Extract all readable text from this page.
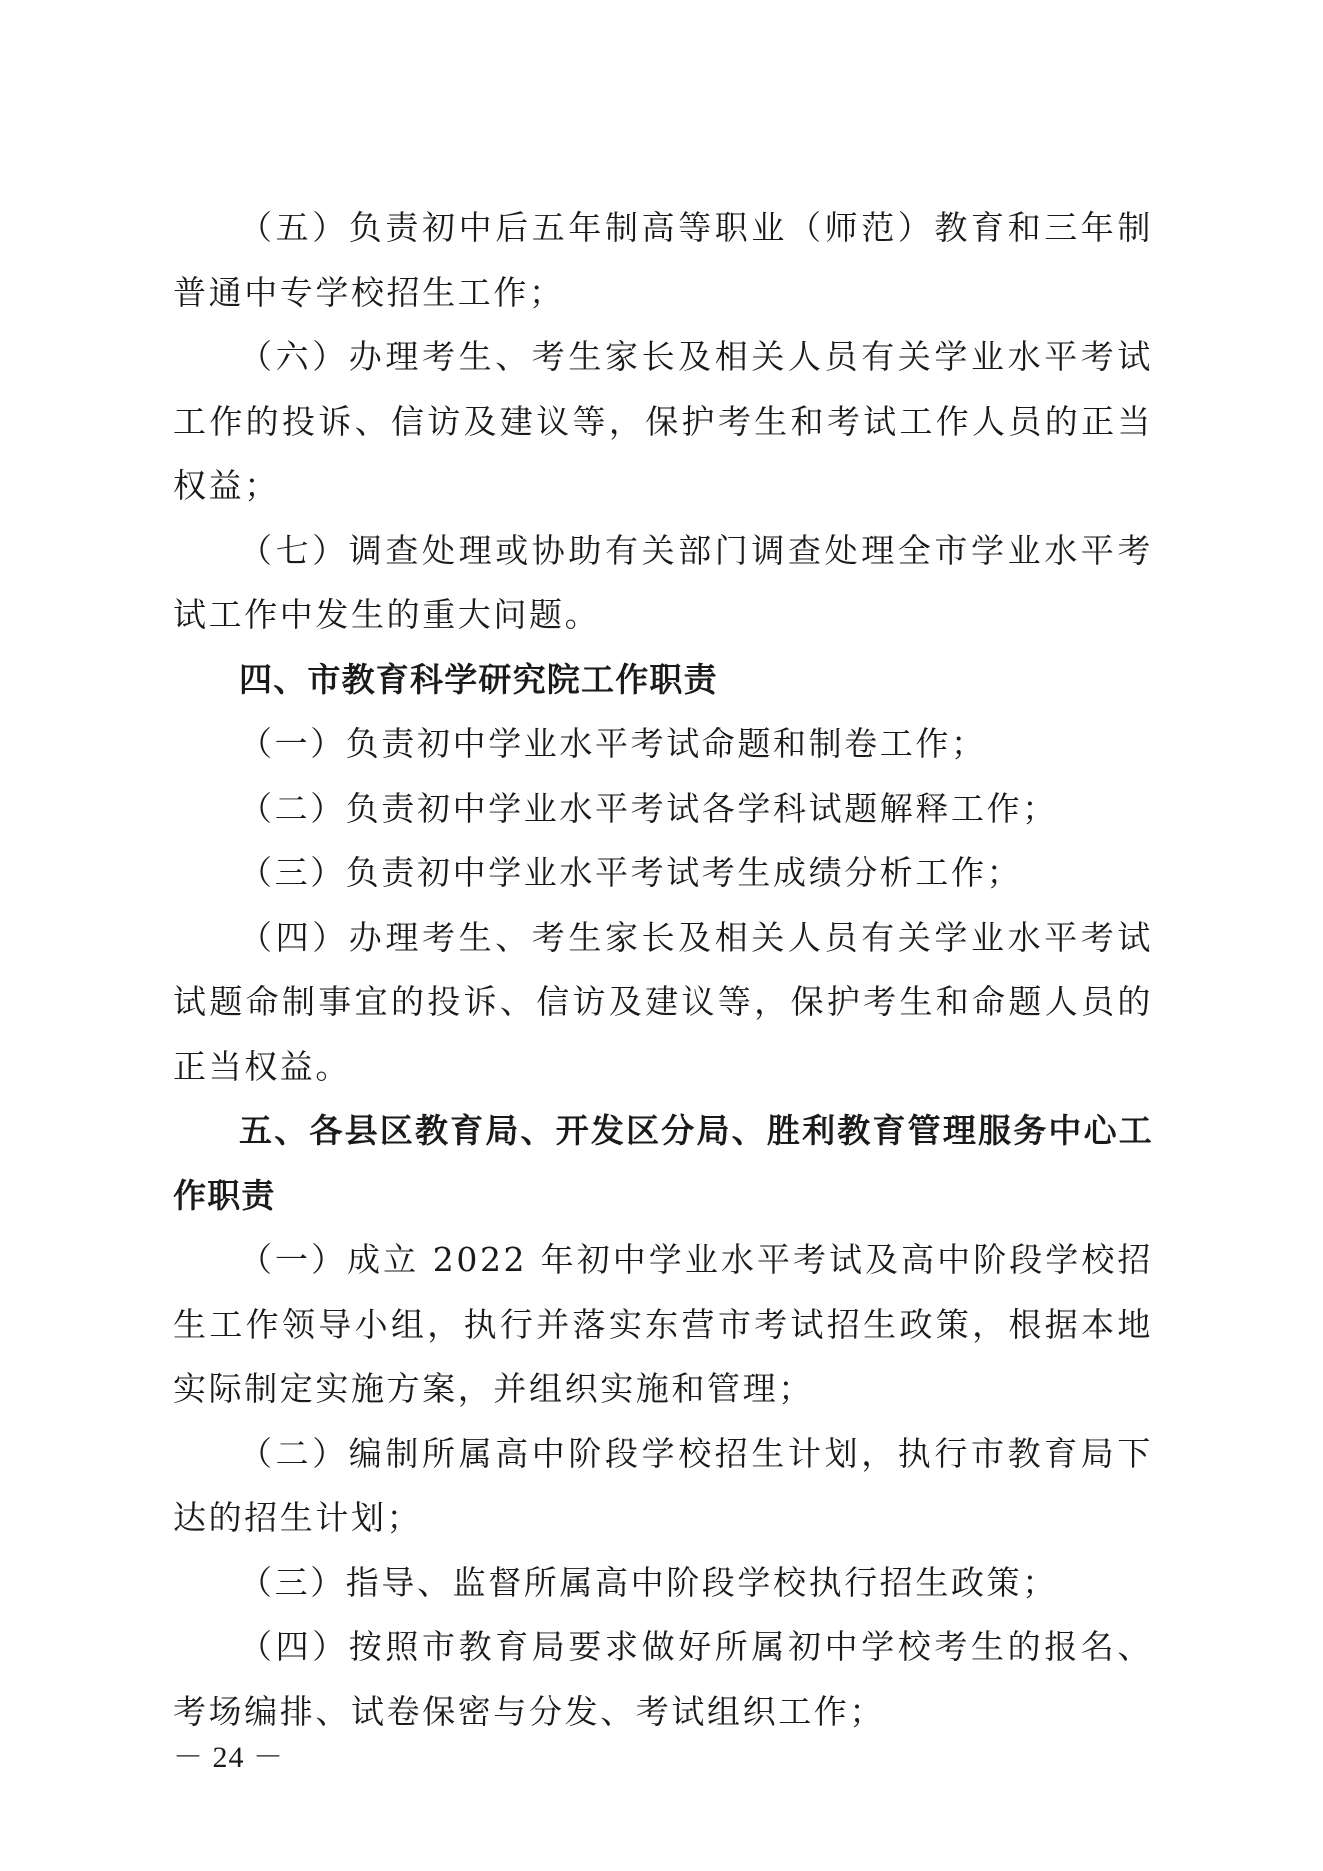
（五）负责初中后五年制高等职业（师范）教育和三年制普通中专学校招生工作；

（六）办理考生、考生家长及相关人员有关学业水平考试工作的投诉、信访及建议等，保护考生和考试工作人员的正当权益；

（七）调查处理或协助有关部门调查处理全市学业水平考试工作中发生的重大问题。

四、市教育科学研究院工作职责

（一）负责初中学业水平考试命题和制卷工作；

（二）负责初中学业水平考试各学科试题解释工作；

（三）负责初中学业水平考试考生成绩分析工作；

（四）办理考生、考生家长及相关人员有关学业水平考试试题命制事宜的投诉、信访及建议等，保护考生和命题人员的正当权益。

五、各县区教育局、开发区分局、胜利教育管理服务中心工作职责

（一）成立 2022 年初中学业水平考试及高中阶段学校招生工作领导小组，执行并落实东营市考试招生政策，根据本地实际制定实施方案，并组织实施和管理；

（二）编制所属高中阶段学校招生计划，执行市教育局下达的招生计划；

（三）指导、监督所属高中阶段学校执行招生政策；

（四）按照市教育局要求做好所属初中学校考生的报名、考场编排、试卷保密与分发、考试组织工作；

－ 24 －
